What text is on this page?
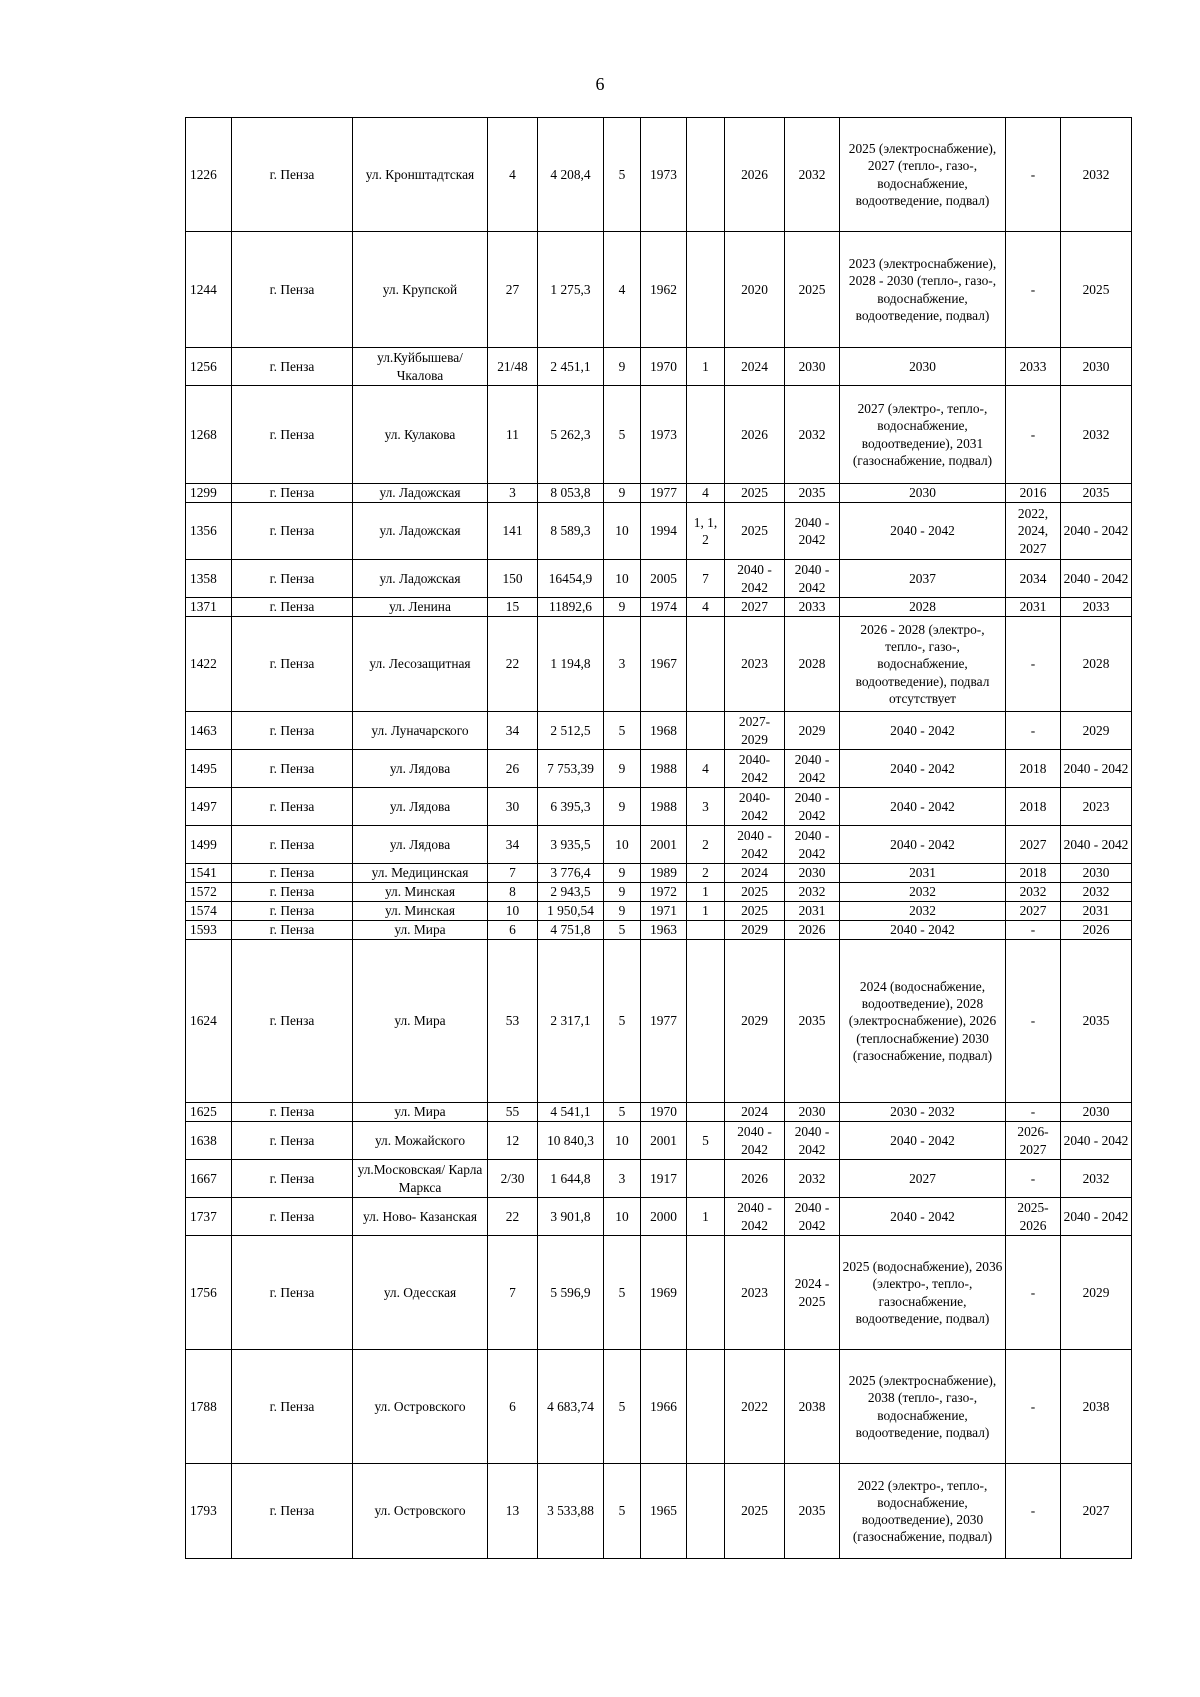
6
1226	г. Пенза	ул. Кронштадтская	4	4 208,4	5	1973		2026	2032	2025 (электроснабжение), 2027 (тепло-, газо-, водоснабжение, водоотведение, подвал)	-	2032
1244	г. Пенза	ул. Крупской	27	1 275,3	4	1962		2020	2025	2023 (электроснабжение), 2028 - 2030 (тепло-, газо-, водоснабжение, водоотведение, подвал)	-	2025
1256	г. Пенза	ул.Куйбышева/ Чкалова	21/48	2 451,1	9	1970	1	2024	2030	2030	2033	2030
1268	г. Пенза	ул. Кулакова	11	5 262,3	5	1973		2026	2032	2027 (электро-, тепло-, водоснабжение, водоотведение), 2031 (газоснабжение, подвал)	-	2032
1299	г. Пенза	ул. Ладожская	3	8 053,8	9	1977	4	2025	2035	2030	2016	2035
1356	г. Пенза	ул. Ладожская	141	8 589,3	10	1994	1, 1, 2	2025	2040 - 2042	2040 - 2042	2022, 2024, 2027	2040 - 2042
1358	г. Пенза	ул. Ладожская	150	16454,9	10	2005	7	2040 - 2042	2040 - 2042	2037	2034	2040 - 2042
1371	г. Пенза	ул. Ленина	15	11892,6	9	1974	4	2027	2033	2028	2031	2033
1422	г. Пенза	ул. Лесозащитная	22	1 194,8	3	1967		2023	2028	2026 - 2028 (электро-, тепло-, газо-, водоснабжение, водоотведение), подвал отсутствует	-	2028
1463	г. Пенза	ул. Луначарского	34	2 512,5	5	1968		2027- 2029	2029	2040 - 2042	-	2029
1495	г. Пенза	ул. Лядова	26	7 753,39	9	1988	4	2040- 2042	2040 - 2042	2040 - 2042	2018	2040 - 2042
1497	г. Пенза	ул. Лядова	30	6 395,3	9	1988	3	2040- 2042	2040 - 2042	2040 - 2042	2018	2023
1499	г. Пенза	ул. Лядова	34	3 935,5	10	2001	2	2040 - 2042	2040 - 2042	2040 - 2042	2027	2040 - 2042
1541	г. Пенза	ул. Медицинская	7	3 776,4	9	1989	2	2024	2030	2031	2018	2030
1572	г. Пенза	ул. Минская	8	2 943,5	9	1972	1	2025	2032	2032	2032	2032
1574	г. Пенза	ул. Минская	10	1 950,54	9	1971	1	2025	2031	2032	2027	2031
1593	г. Пенза	ул. Мира	6	4 751,8	5	1963		2029	2026	2040 - 2042	-	2026
1624	г. Пенза	ул. Мира	53	2 317,1	5	1977		2029	2035	2024 (водоснабжение, водоотведение), 2028 (электроснабжение), 2026 (теплоснабжение) 2030 (газоснабжение, подвал)	-	2035
1625	г. Пенза	ул. Мира	55	4 541,1	5	1970		2024	2030	2030 - 2032	-	2030
1638	г. Пенза	ул. Можайского	12	10 840,3	10	2001	5	2040 - 2042	2040 - 2042	2040 - 2042	2026- 2027	2040 - 2042
1667	г. Пенза	ул.Московская/ Карла Маркса	2/30	1 644,8	3	1917		2026	2032	2027	-	2032
1737	г. Пенза	ул. Ново- Казанская	22	3 901,8	10	2000	1	2040 - 2042	2040 - 2042	2040 - 2042	2025- 2026	2040 - 2042
1756	г. Пенза	ул. Одесская	7	5 596,9	5	1969		2023	2024 - 2025	2025 (водоснабжение), 2036 (электро-, тепло-, газоснабжение, водоотведение, подвал)	-	2029
1788	г. Пенза	ул. Островского	6	4 683,74	5	1966		2022	2038	2025 (электроснабжение), 2038 (тепло-, газо-, водоснабжение, водоотведение, подвал)	-	2038
1793	г. Пенза	ул. Островского	13	3 533,88	5	1965		2025	2035	2022 (электро-, тепло-, водоснабжение, водоотведение), 2030 (газоснабжение, подвал)	-	2027
